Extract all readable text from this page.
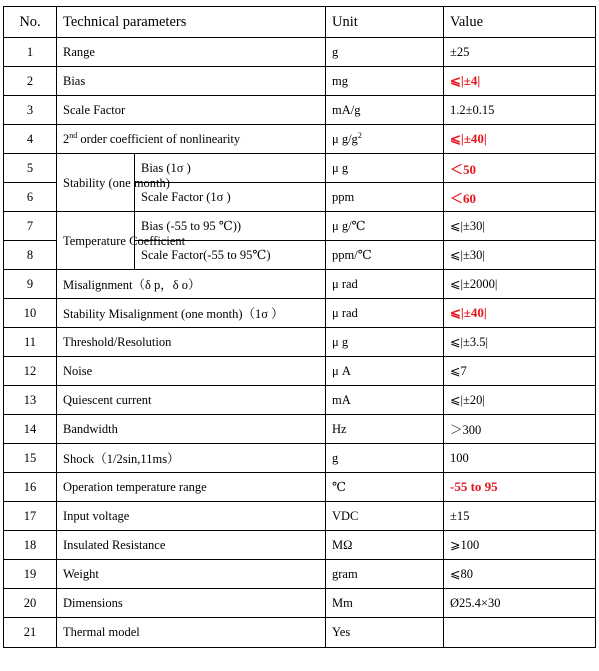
No.	Technical parameters		Unit	Value
1	Range		g	±25
2	Bias		mg	⩽|±4|
3	Scale Factor		mA/g	1.2±0.15
4	2nd order coefficient of nonlinearity		μ $g/g^2$	⩽|±40|
5	Stability (one month)	Bias (1σ )	μ g	＜50
6		Scale Factor (1σ )	ppm	＜60
7	Temperature Coefficient	Bias (-55 to 95 ℃))	μ g/℃	⩽|±30|
8		Scale Factor(-55 to 95℃)	ppm/℃	⩽|±30|
9	Misalignment（δ p，δ o）		μ rad	⩽|±2000|
10	Stability Misalignment (one month)（1σ ）		μ rad	⩽|±40|
11	Threshold/Resolution		μ g	⩽|±3.5|
12	Noise		μ A	⩽7
13	Quiescent current		mA	⩽|±20|
14	Bandwidth		Hz	＞300
15	Shock（1/2sin,11ms）		g	100
16	Operation temperature range		℃	-55 to 95
17	Input voltage		VDC	±15
18	Insulated Resistance		MΩ	⩾100
19	Weight		gram	⩽80
20	Dimensions		Mm	Ø25.4×30
21	Thermal model		Yes	
